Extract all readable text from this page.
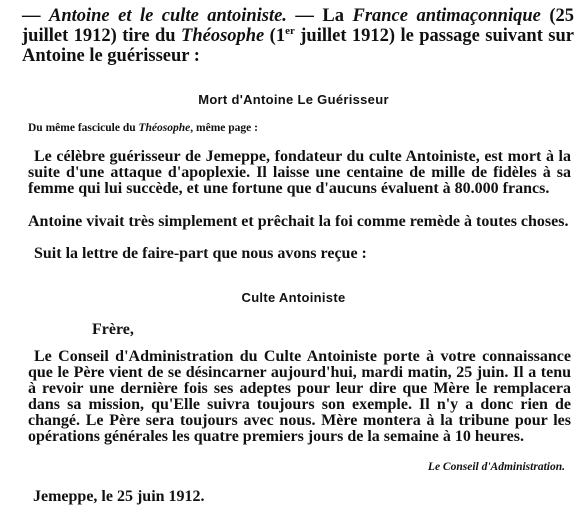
— Antoine et le culte antoiniste. — La France antimaçonnique (25 juillet 1912) tire du Théosophe (1er juillet 1912) le passage suivant sur Antoine le guérisseur :
Mort d'Antoine Le Guérisseur
Du même fascicule du Théosophe, même page :

Le célèbre guérisseur de Jemeppe, fondateur du culte Antoiniste, est mort à la suite d'une attaque d'apoplexie. Il laisse une centaine de mille de fidèles à sa femme qui lui succède, et une fortune que d'aucuns évaluent à 80.000 francs.

Antoine vivait très simplement et prêchait la foi comme remède à toutes choses.

Suit la lettre de faire-part que nous avons reçue :

Culte Antoiniste
Frère,

Le Conseil d'Administration du Culte Antoiniste porte à votre connaissance que le Père vient de se désincarner aujourd'hui, mardi matin, 25 juin. Il a tenu à revoir une dernière fois ses adeptes pour leur dire que Mère le remplacera dans sa mission, qu'Elle suivra toujours son exemple. Il n'y a donc rien de changé. Le Père sera toujours avec nous. Mère montera à la tribune pour les opérations générales les quatre premiers jours de la semaine à 10 heures.

Le Conseil d'Administration.
Jemeppe, le 25 juin 1912.
